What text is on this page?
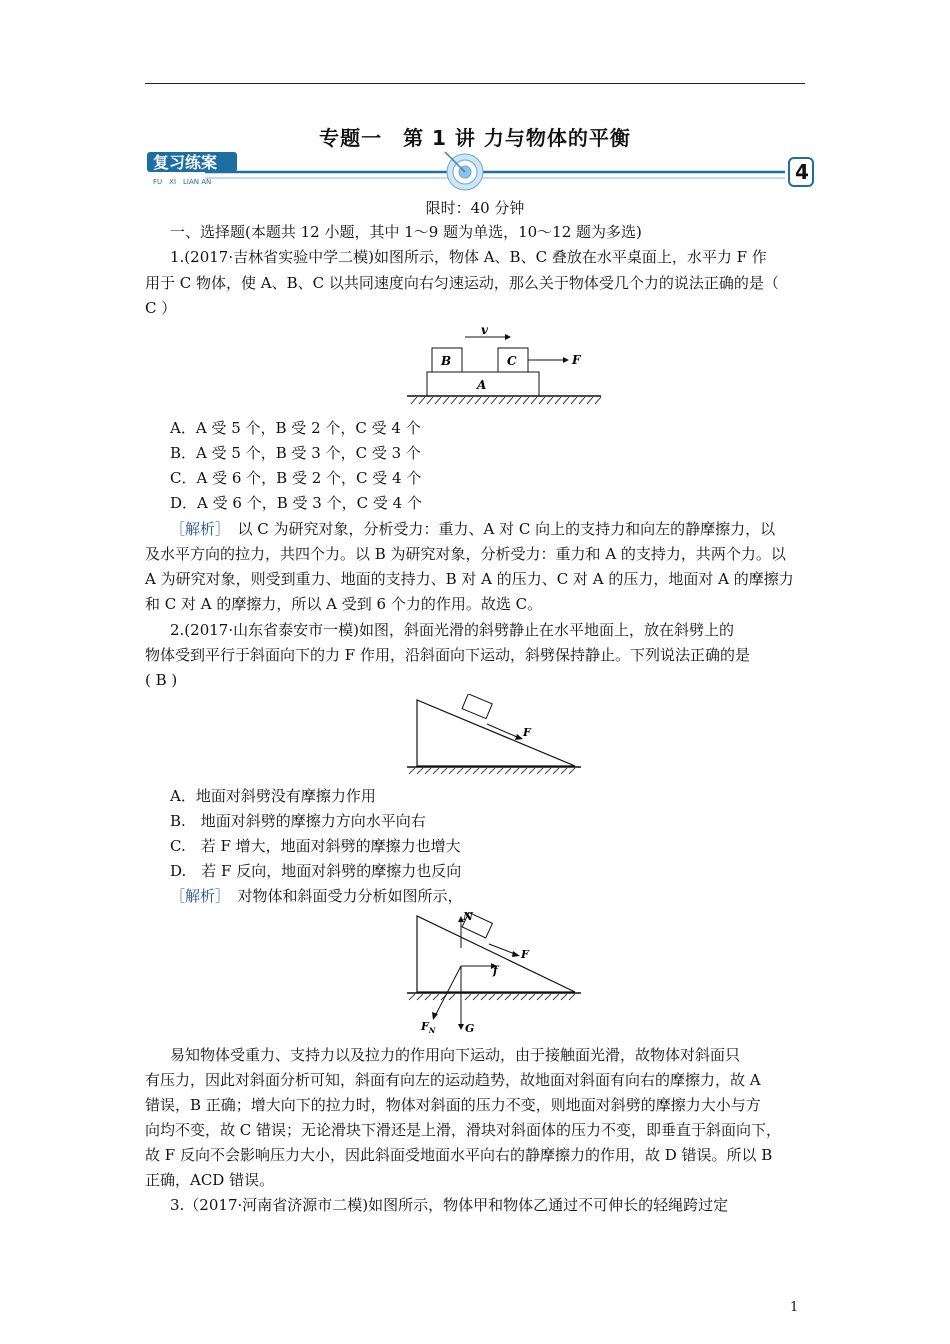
专题一　第 1 讲 力与物体的平衡
复习练案
FU　XI　LIAN AN	4
限时：40 分钟
一、选择题(本题共 12 小题，其中 1～9 题为单选，10～12 题为多选)
1.(2017·吉林省实验中学二模)如图所示，物体 A、B、C 叠放在水平桌面上，水平力 F 作
用于 C 物体，使 A、B、C 以共同速度向右匀速运动，那么关于物体受几个力的说法正确的是（
C ）
v
B	C	F
A
A．A 受 5 个，B 受 2 个，C 受 4 个
B．A 受 5 个，B 受 3 个，C 受 3 个
C．A 受 6 个，B 受 2 个，C 受 4 个
D．A 受 6 个，B 受 3 个，C 受 4 个
［解析］　以 C 为研究对象，分析受力：重力、A 对 C 向上的支持力和向左的静摩擦力，以
及水平方向的拉力，共四个力。以 B 为研究对象，分析受力：重力和 A 的支持力，共两个力。以
A 为研究对象，则受到重力、地面的支持力、B 对 A 的压力、C 对 A 的压力，地面对 A 的摩擦力
和 C 对 A 的摩擦力，所以 A 受到 6 个力的作用。故选 C。
2.(2017·山东省泰安市一模)如图，斜面光滑的斜劈静止在水平地面上，放在斜劈上的
物体受到平行于斜面向下的力 F 作用，沿斜面向下运动，斜劈保持静止。下列说法正确的是
( B )
F
A．地面对斜劈没有摩擦力作用
B.　地面对斜劈的摩擦力方向水平向右
C.　若 F 增大，地面对斜劈的摩擦力也增大
D.　若 F 反向，地面对斜劈的摩擦力也反向
［解析］　对物体和斜面受力分析如图所示，
N
F
f
$F_N$	G
易知物体受重力、支持力以及拉力的作用向下运动，由于接触面光滑，故物体对斜面只
有压力，因此对斜面分析可知，斜面有向左的运动趋势，故地面对斜面有向右的摩擦力，故 A
错误，B 正确；增大向下的拉力时，物体对斜面的压力不变，则地面对斜劈的摩擦力大小与方
向均不变，故 C 错误；无论滑块下滑还是上滑，滑块对斜面体的压力不变，即垂直于斜面向下，
故 F 反向不会影响压力大小，因此斜面受地面水平向右的静摩擦力的作用，故 D 错误。所以 B
正确，ACD 错误。
3.（2017·河南省济源市二模)如图所示，物体甲和物体乙通过不可伸长的轻绳跨过定
1
